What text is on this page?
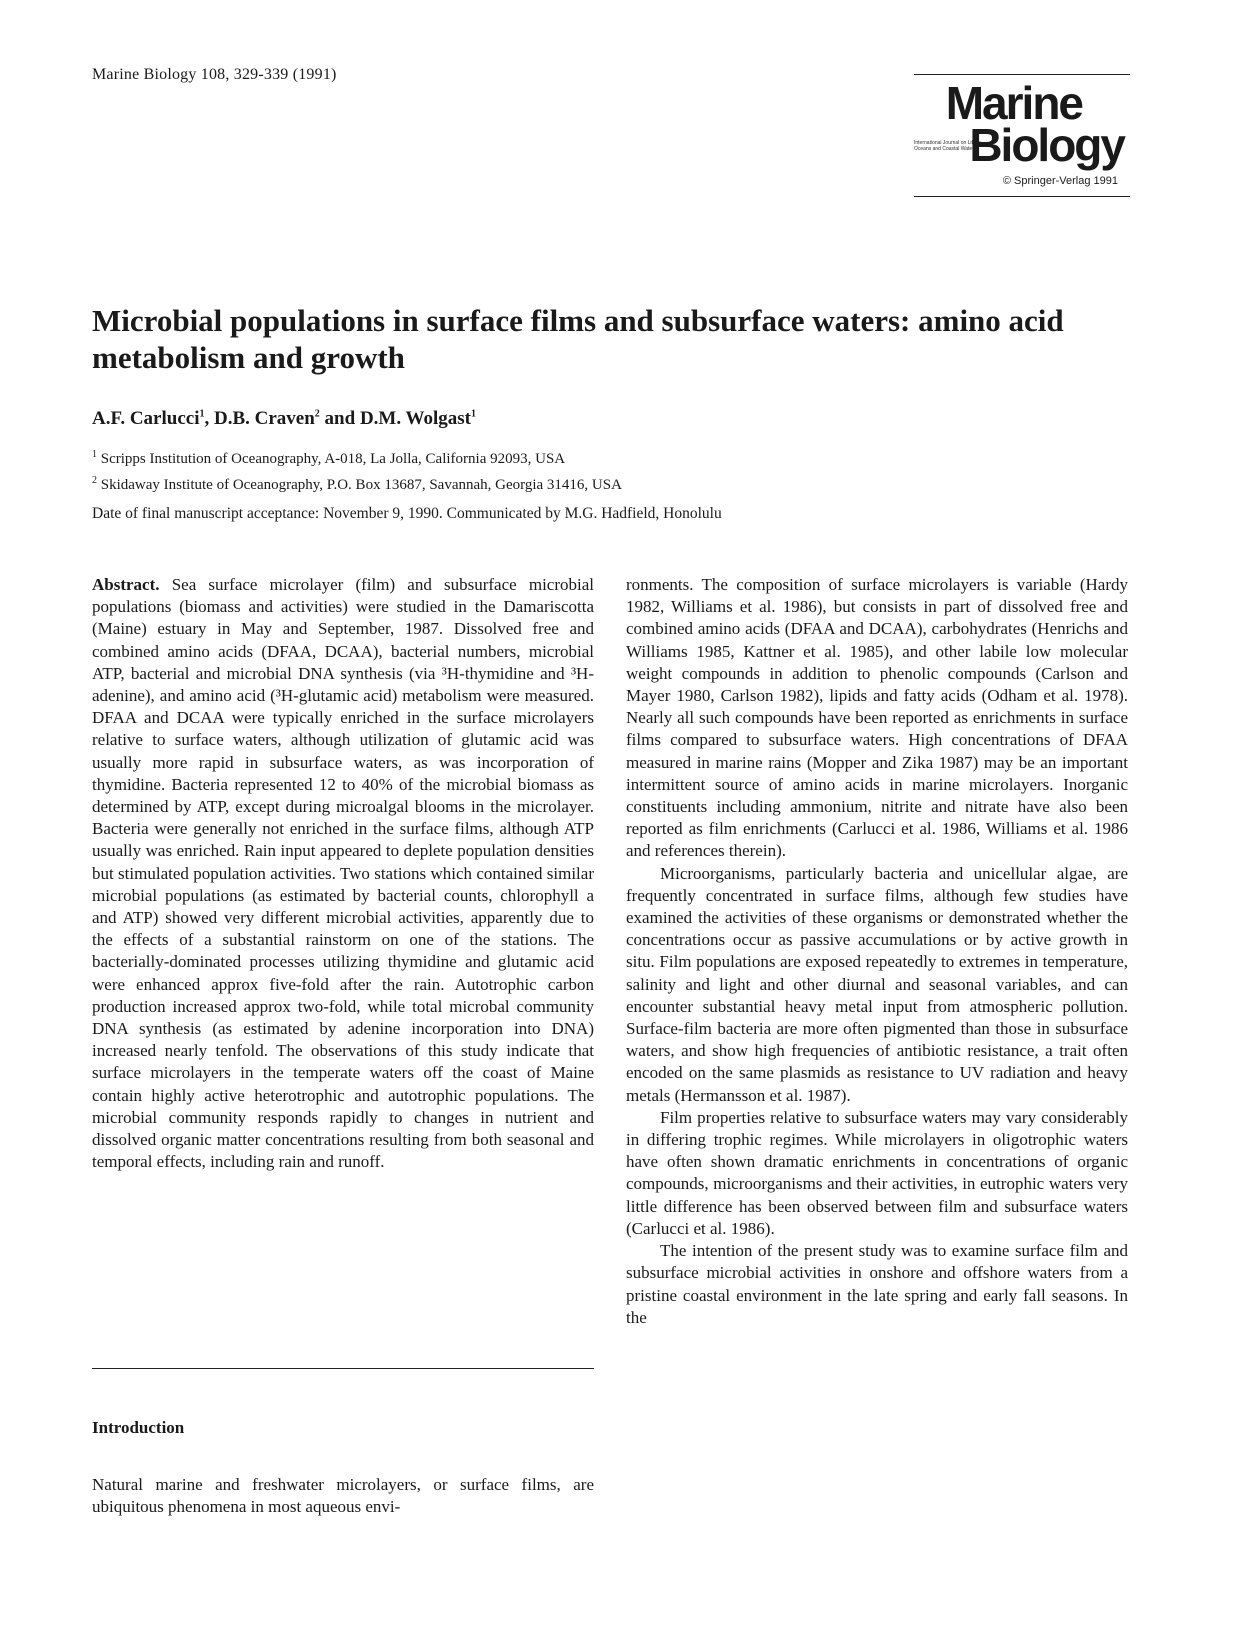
Marine Biology 108, 329-339 (1991)
Marine
International Journal on Life in Oceans and Coastal Waters
Biology
© Springer-Verlag 1991
Microbial populations in surface films and subsurface waters: amino acid metabolism and growth

A.F. Carlucci$^1$, D.B. Craven$^2$ and D.M. Wolgast$^1$

$^1$ Scripps Institution of Oceanography, A-018, La Jolla, California 92093, USA
$^2$ Skidaway Institute of Oceanography, P.O. Box 13687, Savannah, Georgia 31416, USA
Date of final manuscript acceptance: November 9, 1990. Communicated by M.G. Hadfield, Honolulu

Abstract. Sea surface microlayer (film) and subsurface microbial populations (biomass and activities) were studied in the Damariscotta (Maine) estuary in May and September, 1987. Dissolved free and combined amino acids (DFAA, DCAA), bacterial numbers, microbial ATP, bacterial and microbial DNA synthesis (via ³H-thymidine and ³H-adenine), and amino acid (³H-glutamic acid) metabolism were measured. DFAA and DCAA were typically enriched in the surface microlayers relative to surface waters, although utilization of glutamic acid was usually more rapid in subsurface waters, as was incorporation of thymidine. Bacteria represented 12 to 40% of the microbial biomass as determined by ATP, except during microalgal blooms in the microlayer. Bacteria were generally not enriched in the surface films, although ATP usually was enriched. Rain input appeared to deplete population densities but stimulated population activities. Two stations which contained similar microbial populations (as estimated by bacterial counts, chlorophyll a and ATP) showed very different microbial activities, apparently due to the effects of a substantial rainstorm on one of the stations. The bacterially-dominated processes utilizing thymidine and glutamic acid were enhanced approx five-fold after the rain. Autotrophic carbon production increased approx two-fold, while total microbal community DNA synthesis (as estimated by adenine incorporation into DNA) increased nearly tenfold. The observations of this study indicate that surface microlayers in the temperate waters off the coast of Maine contain highly active heterotrophic and autotrophic populations. The microbial community responds rapidly to changes in nutrient and dissolved organic matter concentrations resulting from both seasonal and temporal effects, including rain and runoff.

Introduction

Natural marine and freshwater microlayers, or surface films, are ubiquitous phenomena in most aqueous envi-

ronments. The composition of surface microlayers is variable (Hardy 1982, Williams et al. 1986), but consists in part of dissolved free and combined amino acids (DFAA and DCAA), carbohydrates (Henrichs and Williams 1985, Kattner et al. 1985), and other labile low molecular weight compounds in addition to phenolic compounds (Carlson and Mayer 1980, Carlson 1982), lipids and fatty acids (Odham et al. 1978). Nearly all such compounds have been reported as enrichments in surface films compared to subsurface waters. High concentrations of DFAA measured in marine rains (Mopper and Zika 1987) may be an important intermittent source of amino acids in marine microlayers. Inorganic constituents including ammonium, nitrite and nitrate have also been reported as film enrichments (Carlucci et al. 1986, Williams et al. 1986 and references therein).

Microorganisms, particularly bacteria and unicellular algae, are frequently concentrated in surface films, although few studies have examined the activities of these organisms or demonstrated whether the concentrations occur as passive accumulations or by active growth in situ. Film populations are exposed repeatedly to extremes in temperature, salinity and light and other diurnal and seasonal variables, and can encounter substantial heavy metal input from atmospheric pollution. Surface-film bacteria are more often pigmented than those in subsurface waters, and show high frequencies of antibiotic resistance, a trait often encoded on the same plasmids as resistance to UV radiation and heavy metals (Hermansson et al. 1987).

Film properties relative to subsurface waters may vary considerably in differing trophic regimes. While microlayers in oligotrophic waters have often shown dramatic enrichments in concentrations of organic compounds, microorganisms and their activities, in eutrophic waters very little difference has been observed between film and subsurface waters (Carlucci et al. 1986).

The intention of the present study was to examine surface film and subsurface microbial activities in onshore and offshore waters from a pristine coastal environment in the late spring and early fall seasons. In the
